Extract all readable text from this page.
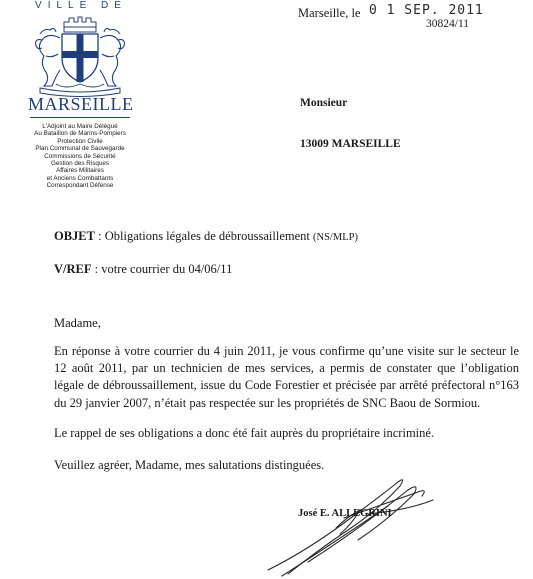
VILLE DE
MARSEILLE
L'Adjoint au Maire Délégué
Au Bataillon de Marins-Pompiers
Protection Civile
Plan Communal de Sauvegarde
Commissions de Sécurité
Gestion des Risques
Affaires Militaires
et Anciens Combattants
Correspondant Défense
Marseille, le 0 1 SEP. 2011
30824/11
Monsieur
13009 MARSEILLE
OBJET : Obligations légales de débroussaillement (NS/MLP)
V/REF : votre courrier du 04/06/11
Madame,
En réponse à votre courrier du 4 juin 2011, je vous confirme qu’une visite sur le secteur le 12 août 2011, par un technicien de mes services, a permis de constater que l’obligation légale de débroussaillement, issue du Code Forestier et précisée par arrêté préfectoral n°163 du 29 janvier 2007, n’était pas respectée sur les propriétés de SNC Baou de Sormiou.
Le rappel de ses obligations a donc été fait auprès du propriétaire incriminé.
Veuillez agréer, Madame, mes salutations distinguées.
José E. ALLEGRINI
